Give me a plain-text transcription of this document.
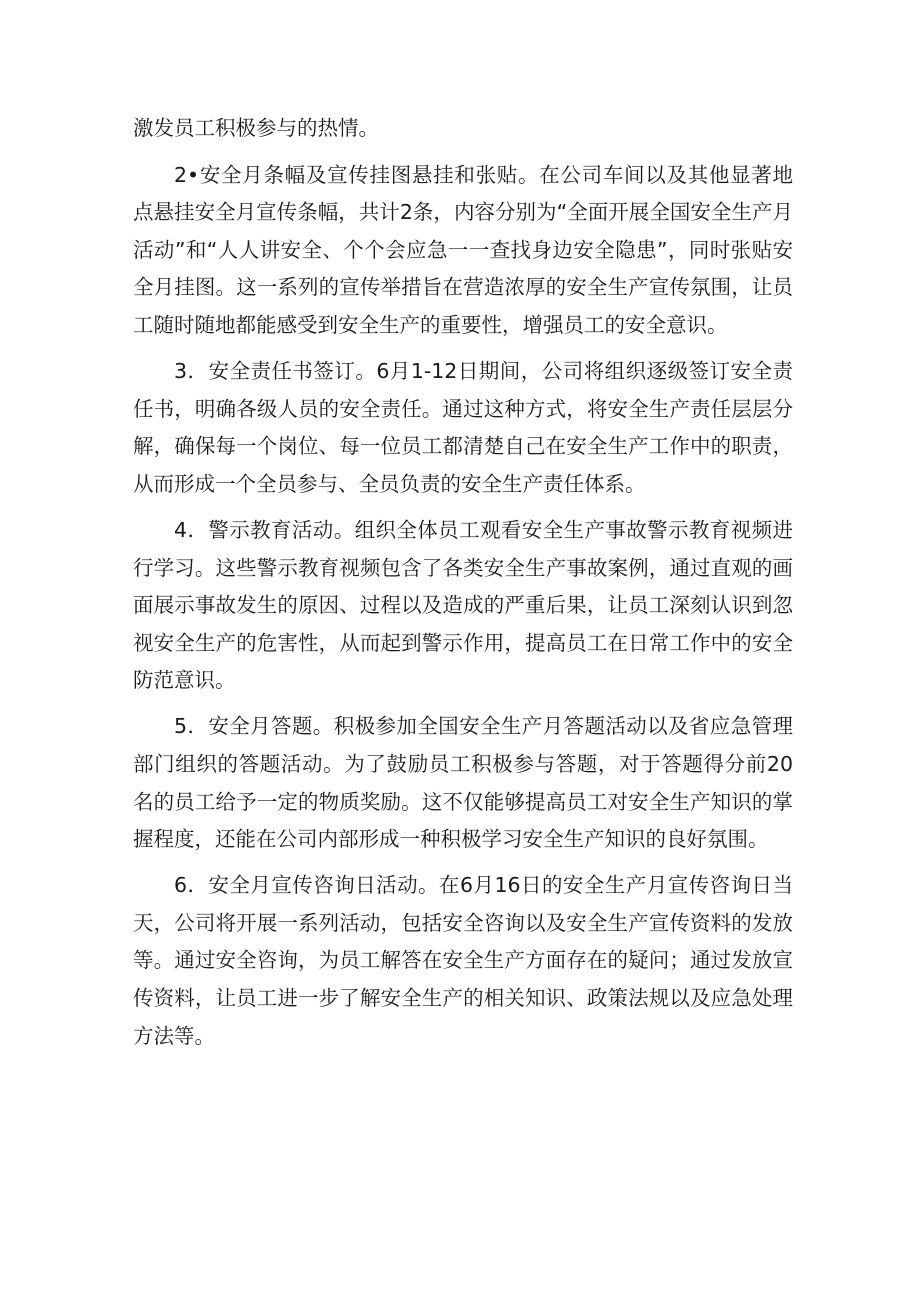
激发员工积极参与的热情。

2•安全月条幅及宣传挂图悬挂和张贴。在公司车间以及其他显著地点悬挂安全月宣传条幅，共计2条，内容分别为“全面开展全国安全生产月活动”和“人人讲安全、个个会应急一一查找身边安全隐患”，同时张贴安全月挂图。这一系列的宣传举措旨在营造浓厚的安全生产宣传氛围，让员工随时随地都能感受到安全生产的重要性，增强员工的安全意识。

3．安全责任书签订。6月1-12日期间，公司将组织逐级签订安全责任书，明确各级人员的安全责任。通过这种方式，将安全生产责任层层分解，确保每一个岗位、每一位员工都清楚自己在安全生产工作中的职责，从而形成一个全员参与、全员负责的安全生产责任体系。

4．警示教育活动。组织全体员工观看安全生产事故警示教育视频进行学习。这些警示教育视频包含了各类安全生产事故案例，通过直观的画面展示事故发生的原因、过程以及造成的严重后果，让员工深刻认识到忽视安全生产的危害性，从而起到警示作用，提高员工在日常工作中的安全防范意识。

5．安全月答题。积极参加全国安全生产月答题活动以及省应急管理部门组织的答题活动。为了鼓励员工积极参与答题，对于答题得分前20名的员工给予一定的物质奖励。这不仅能够提高员工对安全生产知识的掌握程度，还能在公司内部形成一种积极学习安全生产知识的良好氛围。

6．安全月宣传咨询日活动。在6月16日的安全生产月宣传咨询日当天，公司将开展一系列活动，包括安全咨询以及安全生产宣传资料的发放等。通过安全咨询，为员工解答在安全生产方面存在的疑问；通过发放宣传资料，让员工进一步了解安全生产的相关知识、政策法规以及应急处理方法等。
